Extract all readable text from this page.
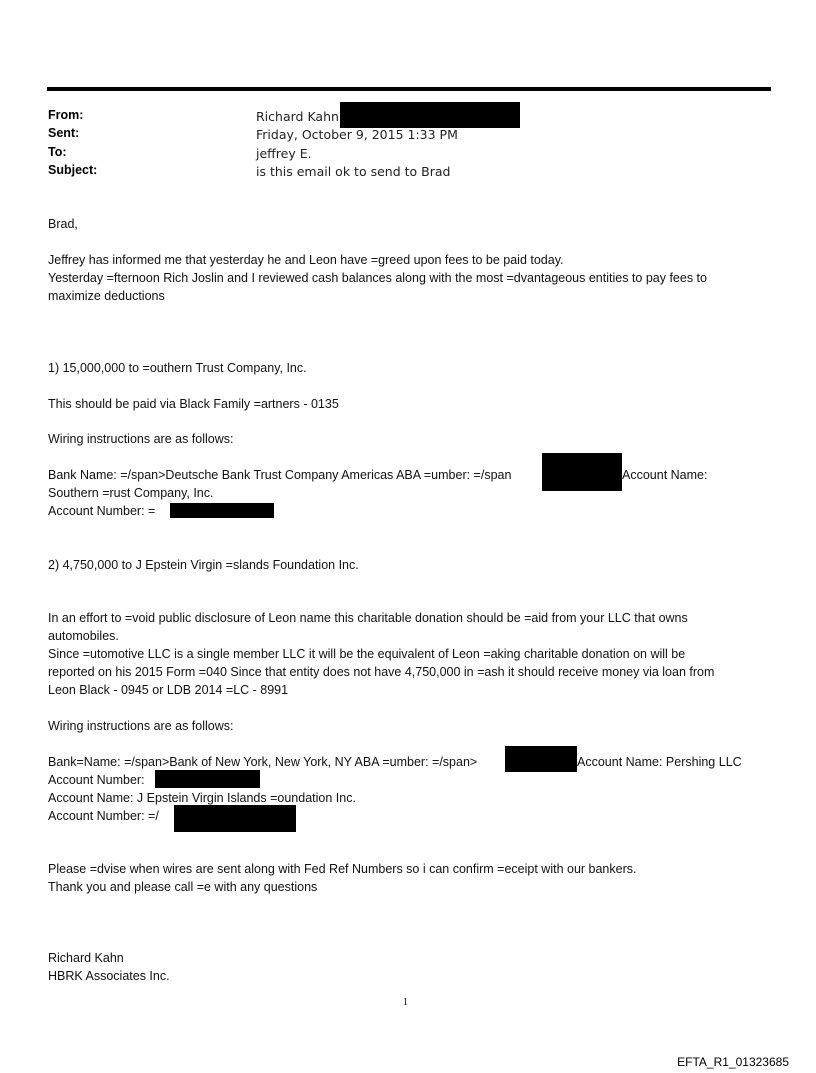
From:	Richard Kahn
Sent:	Friday, October 9, 2015 1:33 PM
To:	jeffrey E.
Subject:	is this email ok to send to Brad
Brad,
Jeffrey has informed me that yesterday he and Leon have =greed upon fees to be paid today.
Yesterday =fternoon Rich Joslin and I reviewed cash balances along with the most =dvantageous entities to pay fees to
maximize deductions
1) 15,000,000 to =outhern Trust Company, Inc.
This should be paid via Black Family =artners - 0135
Wiring instructions are as follows:
Bank Name: =/span>Deutsche Bank Trust Company Americas ABA =umber: =/span	Account Name:
Southern =rust Company, Inc.
Account Number: =
2) 4,750,000 to J Epstein Virgin =slands Foundation Inc.
In an effort to =void public disclosure of Leon name this charitable donation should be =aid from your LLC that owns
automobiles.
Since =utomotive LLC is a single member LLC it will be the equivalent of Leon =aking charitable donation on will be
reported on his 2015 Form =040 Since that entity does not have 4,750,000 in =ash it should receive money via loan from
Leon Black - 0945 or LDB 2014 =LC - 8991
Wiring instructions are as follows:
Bank=Name: =/span>Bank of New York, New York, NY ABA =umber: =/span>	Account Name: Pershing LLC
Account Number:
Account Name: J Epstein Virgin Islands =oundation Inc.
Account Number: =/
Please =dvise when wires are sent along with Fed Ref Numbers so i can confirm =eceipt with our bankers.
Thank you and please call =e with any questions
Richard Kahn
HBRK Associates Inc.
1
EFTA_R1_01323685
